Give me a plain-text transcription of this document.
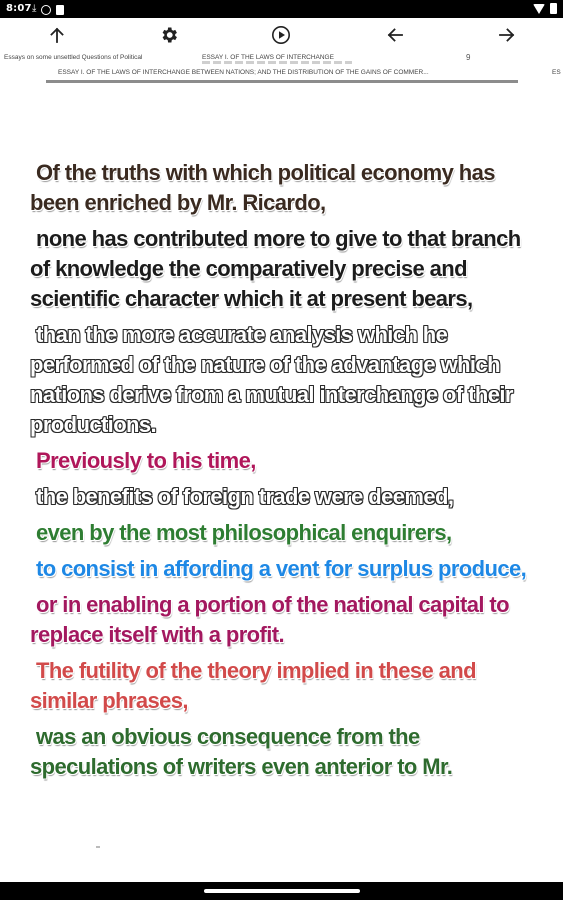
8:07 ⤓
Essays on some unsettled Questions of Political	ESSAY I. OF THE LAWS OF INTERCHANGE	9
ESSAY I. OF THE LAWS OF INTERCHANGE BETWEEN NATIONS; AND THE DISTRIBUTION OF THE GAINS OF COMMER...	ES

Of the truths with which political economy has been enriched by Mr. Ricardo,

none has contributed more to give to that branch of knowledge the comparatively precise and scientific character which it at present bears,

than the more accurate analysis which he performed of the nature of the advantage which nations derive from a mutual interchange of their productions.

Previously to his time,

the benefits of foreign trade were deemed,

even by the most philosophical enquirers,

to consist in affording a vent for surplus produce,

or in enabling a portion of the national capital to replace itself with a profit.

The futility of the theory implied in these and similar phrases,

was an obvious consequence from the speculations of writers even anterior to Mr.
